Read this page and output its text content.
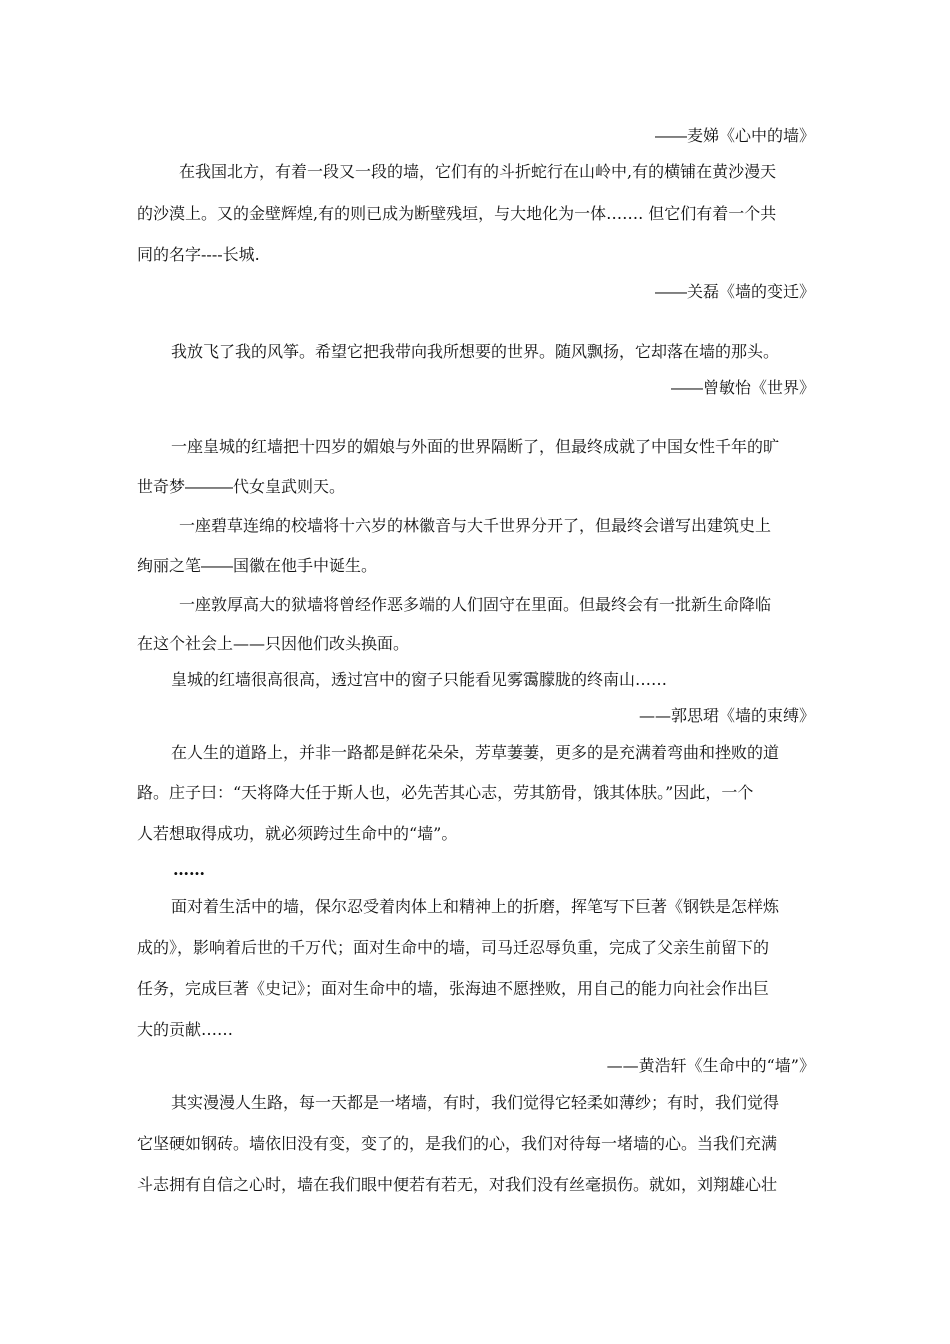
――麦娣《心中的墙》
在我国北方，有着一段又一段的墙，它们有的斗折蛇行在山岭中,有的横铺在黄沙漫天
的沙漠上。又的金壁辉煌,有的则已成为断壁残垣，与大地化为一体……. 但它们有着一个共
同的名字----长城.
――关磊《墙的变迁》
我放飞了我的风筝。希望它把我带向我所想要的世界。随风飘扬，它却落在墙的那头。
――曾敏怡《世界》
一座皇城的红墙把十四岁的媚娘与外面的世界隔断了，但最终成就了中国女性千年的旷
世奇梦―――代女皇武则天。
一座碧草连绵的校墙将十六岁的林徽音与大千世界分开了，但最终会谱写出建筑史上
绚丽之笔――国徽在他手中诞生。
一座敦厚高大的狱墙将曾经作恶多端的人们固守在里面。但最终会有一批新生命降临
在这个社会上——只因他们改头换面。
皇城的红墙很高很高，透过宫中的窗子只能看见雾霭朦胧的终南山……
——郭思珺《墙的束缚》
在人生的道路上，并非一路都是鲜花朵朵，芳草萋萋，更多的是充满着弯曲和挫败的道
路。庄子曰：“天将降大任于斯人也，必先苦其心志，劳其筋骨，饿其体肤。”因此，一个
人若想取得成功，就必须跨过生命中的“墙”。
……
面对着生活中的墙，保尔忍受着肉体上和精神上的折磨，挥笔写下巨著《钢铁是怎样炼
成的》，影响着后世的千万代；面对生命中的墙，司马迁忍辱负重，完成了父亲生前留下的
任务，完成巨著《史记》；面对生命中的墙，张海迪不愿挫败，用自己的能力向社会作出巨
大的贡献……
——黄浩轩《生命中的“墙”》
其实漫漫人生路，每一天都是一堵墙，有时，我们觉得它轻柔如薄纱；有时，我们觉得
它坚硬如钢砖。墙依旧没有变，变了的，是我们的心，我们对待每一堵墙的心。当我们充满
斗志拥有自信之心时，墙在我们眼中便若有若无，对我们没有丝毫损伤。就如，刘翔雄心壮
